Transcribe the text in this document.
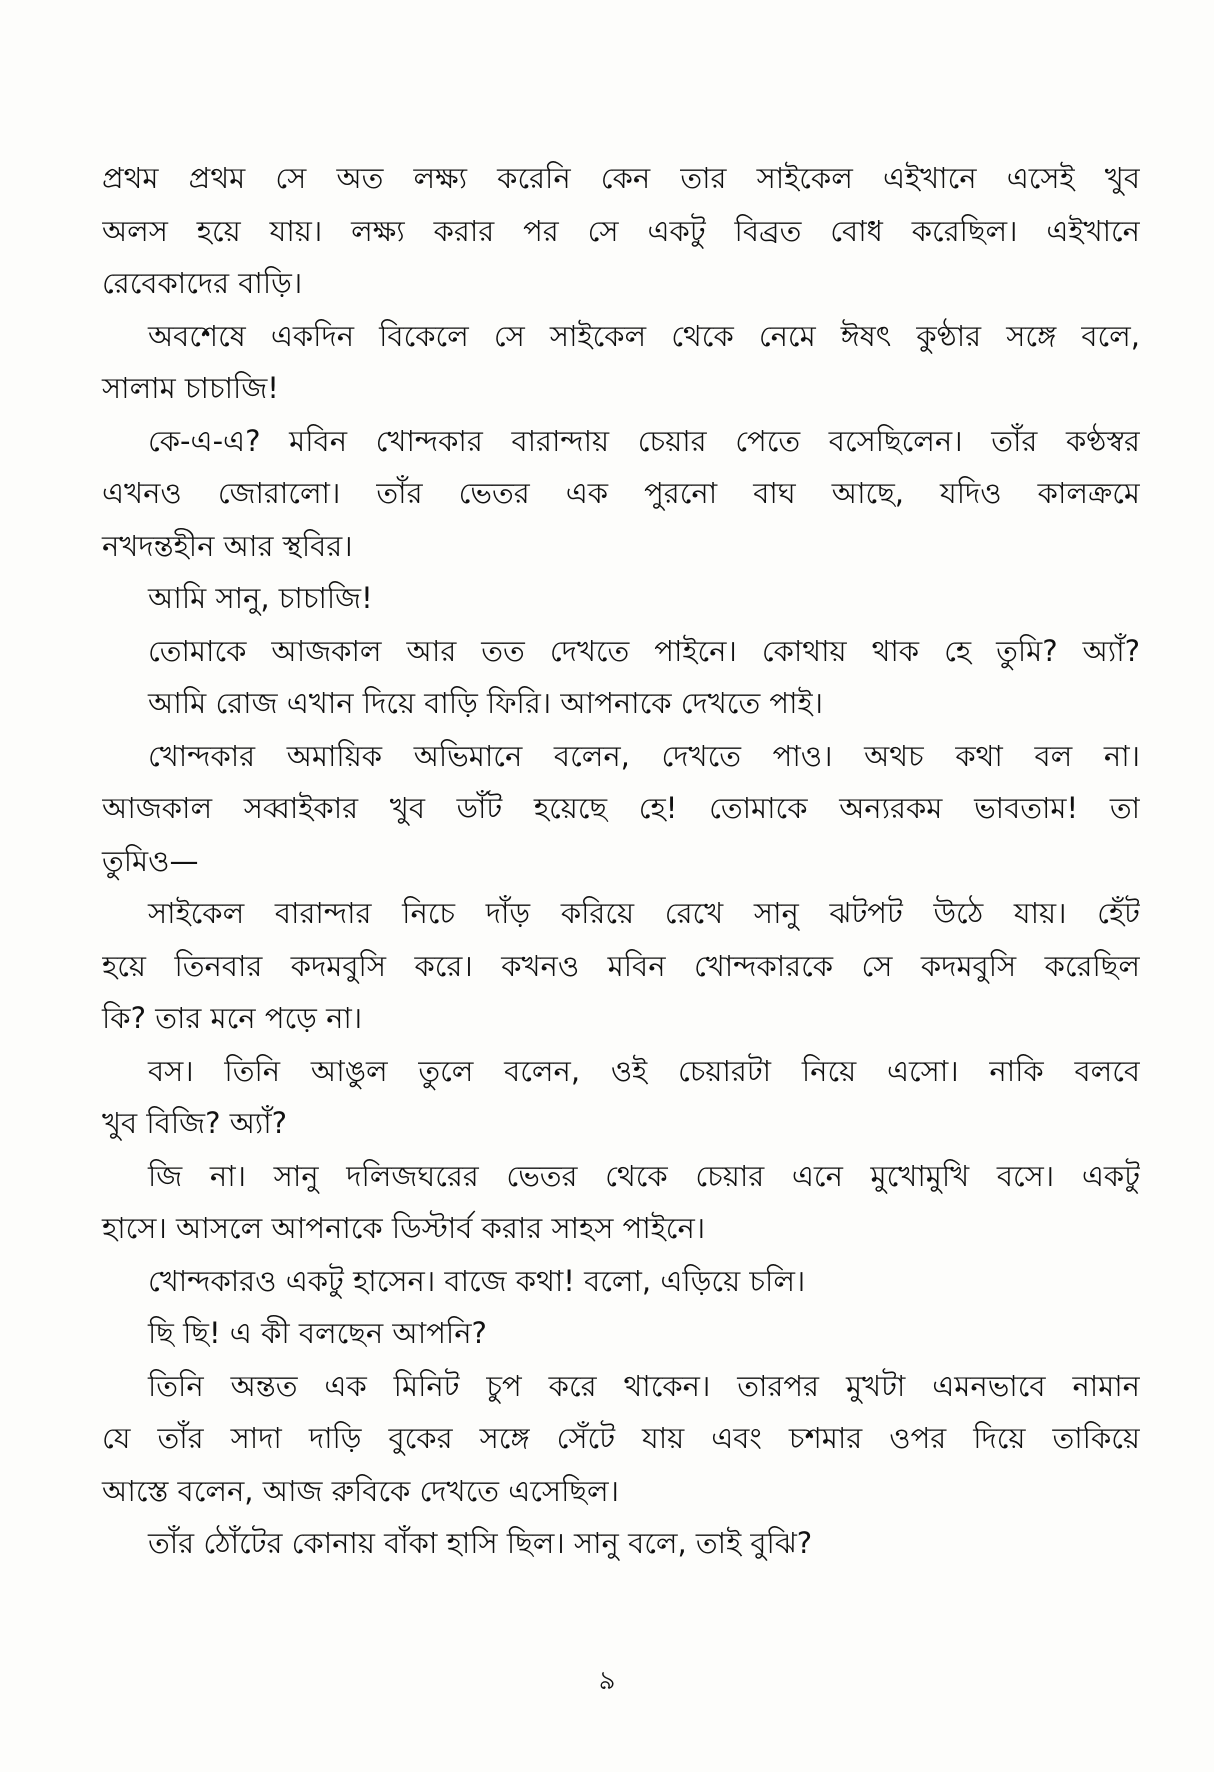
প্রথম প্রথম সে অত লক্ষ্য করেনি কেন তার সাইকেল এইখানে এসেই খুব
অলস হয়ে যায়। লক্ষ্য করার পর সে একটু বিব্রত বোধ করেছিল। এইখানে
রেবেকাদের বাড়ি।
অবশেষে একদিন বিকেলে সে সাইকেল থেকে নেমে ঈষৎ কুণ্ঠার সঙ্গে বলে,
সালাম চাচাজি!
কে-এ-এ? মবিন খোন্দকার বারান্দায় চেয়ার পেতে বসেছিলেন। তাঁর কণ্ঠস্বর
এখনও জোরালো। তাঁর ভেতর এক পুরনো বাঘ আছে, যদিও কালক্রমে
নখদন্তহীন আর স্থবির।
আমি সানু, চাচাজি!
তোমাকে আজকাল আর তত দেখতে পাইনে। কোথায় থাক হে তুমি? অ্যাঁ?
আমি রোজ এখান দিয়ে বাড়ি ফিরি। আপনাকে দেখতে পাই।
খোন্দকার অমায়িক অভিমানে বলেন, দেখতে পাও। অথচ কথা বল না।
আজকাল সব্বাইকার খুব ডাঁট হয়েছে হে! তোমাকে অন্যরকম ভাবতাম! তা
তুমিও—
সাইকেল বারান্দার নিচে দাঁড় করিয়ে রেখে সানু ঝটপট উঠে যায়। হেঁট
হয়ে তিনবার কদমবুসি করে। কখনও মবিন খোন্দকারকে সে কদমবুসি করেছিল
কি? তার মনে পড়ে না।
বস। তিনি আঙুল তুলে বলেন, ওই চেয়ারটা নিয়ে এসো। নাকি বলবে
খুব বিজি? অ্যাঁ?
জি না। সানু দলিজঘরের ভেতর থেকে চেয়ার এনে মুখোমুখি বসে। একটু
হাসে। আসলে আপনাকে ডিস্টার্ব করার সাহস পাইনে।
খোন্দকারও একটু হাসেন। বাজে কথা! বলো, এড়িয়ে চলি।
ছি ছি! এ কী বলছেন আপনি?
তিনি অন্তত এক মিনিট চুপ করে থাকেন। তারপর মুখটা এমনভাবে নামান
যে তাঁর সাদা দাড়ি বুকের সঙ্গে সেঁটে যায় এবং চশমার ওপর দিয়ে তাকিয়ে
আস্তে বলেন, আজ রুবিকে দেখতে এসেছিল।
তাঁর ঠোঁটের কোনায় বাঁকা হাসি ছিল। সানু বলে, তাই বুঝি?
৯
